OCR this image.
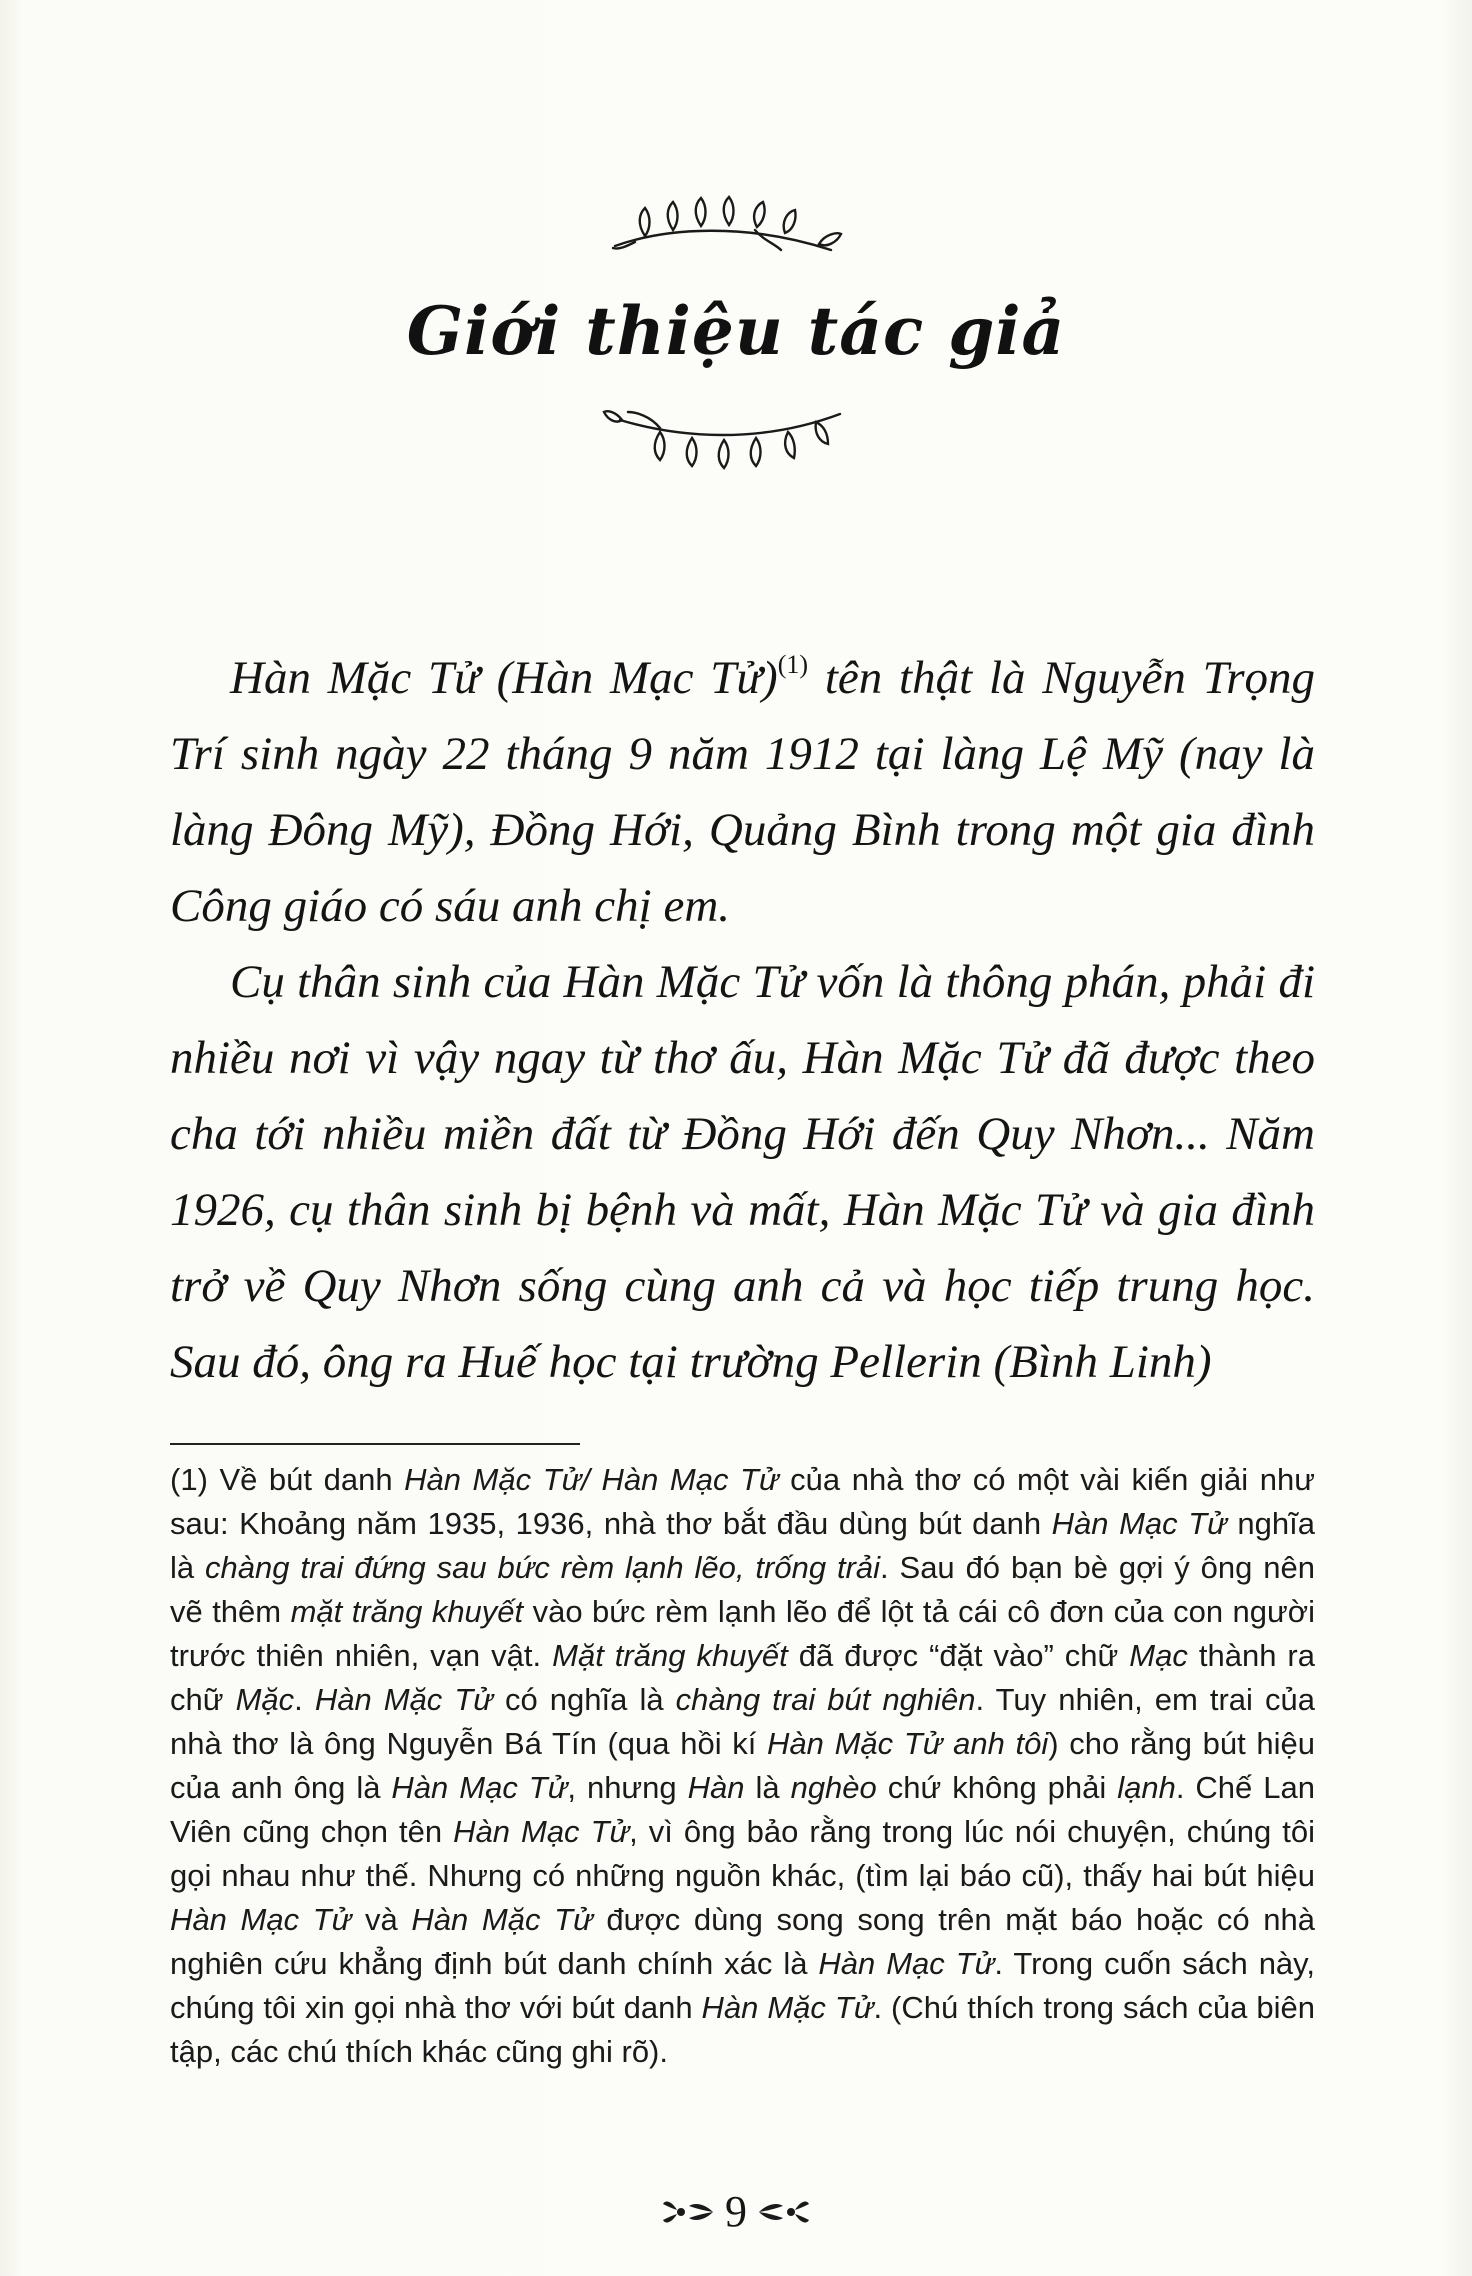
Giới thiệu tác giả

Hàn Mặc Tử (Hàn Mạc Tử)$^{(1)}$ tên thật là Nguyễn Trọng Trí sinh ngày 22 tháng 9 năm 1912 tại làng Lệ Mỹ (nay là làng Đông Mỹ), Đồng Hới, Quảng Bình trong một gia đình Công giáo có sáu anh chị em.

Cụ thân sinh của Hàn Mặc Tử vốn là thông phán, phải đi nhiều nơi vì vậy ngay từ thơ ấu, Hàn Mặc Tử đã được theo cha tới nhiều miền đất từ Đồng Hới đến Quy Nhơn... Năm 1926, cụ thân sinh bị bệnh và mất, Hàn Mặc Tử và gia đình trở về Quy Nhơn sống cùng anh cả và học tiếp trung học. Sau đó, ông ra Huế học tại trường Pellerin (Bình Linh)

(1) Về bút danh Hàn Mặc Tử/ Hàn Mạc Tử của nhà thơ có một vài kiến giải như sau: Khoảng năm 1935, 1936, nhà thơ bắt đầu dùng bút danh Hàn Mạc Tử nghĩa là chàng trai đứng sau bức rèm lạnh lẽo, trống trải. Sau đó bạn bè gợi ý ông nên vẽ thêm mặt trăng khuyết vào bức rèm lạnh lẽo để lột tả cái cô đơn của con người trước thiên nhiên, vạn vật. Mặt trăng khuyết đã được “đặt vào” chữ Mạc thành ra chữ Mặc. Hàn Mặc Tử có nghĩa là chàng trai bút nghiên. Tuy nhiên, em trai của nhà thơ là ông Nguyễn Bá Tín (qua hồi kí Hàn Mặc Tử anh tôi) cho rằng bút hiệu của anh ông là Hàn Mạc Tử, nhưng Hàn là nghèo chứ không phải lạnh. Chế Lan Viên cũng chọn tên Hàn Mạc Tử, vì ông bảo rằng trong lúc nói chuyện, chúng tôi gọi nhau như thế. Nhưng có những nguồn khác, (tìm lại báo cũ), thấy hai bút hiệu Hàn Mạc Tử và Hàn Mặc Tử được dùng song song trên mặt báo hoặc có nhà nghiên cứu khẳng định bút danh chính xác là Hàn Mạc Tử. Trong cuốn sách này, chúng tôi xin gọi nhà thơ với bút danh Hàn Mặc Tử. (Chú thích trong sách của biên tập, các chú thích khác cũng ghi rõ).
9
